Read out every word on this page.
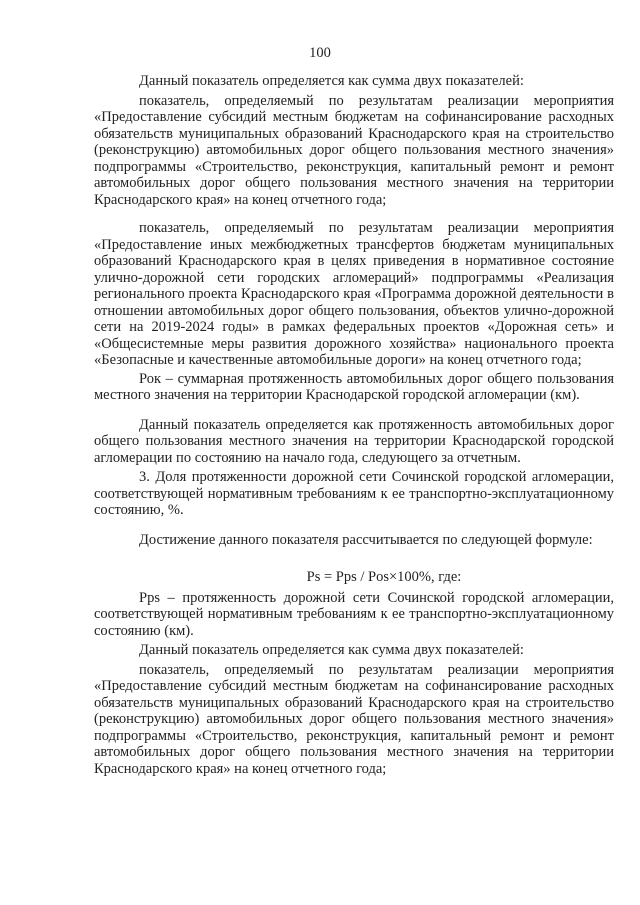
100

Данный показатель определяется как сумма двух показателей:

показатель, определяемый по результатам реализации мероприятия «Предоставление субсидий местным бюджетам на софинансирование расходных обязательств муниципальных образований Краснодарского края на строительство (реконструкцию) автомобильных дорог общего пользования местного значения» подпрограммы «Строительство, реконструкция, капитальный ремонт и ремонт автомобильных дорог общего пользования местного значения на территории Краснодарского края» на конец отчетного года;

показатель, определяемый по результатам реализации мероприятия «Предоставление иных межбюджетных трансфертов бюджетам муниципальных образований Краснодарского края в целях приведения в нормативное состояние улично-дорожной сети городских агломераций» подпрограммы «Реализация регионального проекта Краснодарского края «Программа дорожной деятельности в отношении автомобильных дорог общего пользования, объектов улично-дорожной сети на 2019-2024 годы» в рамках федеральных проектов «Дорожная сеть» и «Общесистемные меры развития дорожного хозяйства» национального проекта «Безопасные и качественные автомобильные дороги» на конец отчетного года;

Рок – суммарная протяженность автомобильных дорог общего пользования местного значения на территории Краснодарской городской агломерации (км).

Данный показатель определяется как протяженность автомобильных дорог общего пользования местного значения на территории Краснодарской городской агломерации по состоянию на начало года, следующего за отчетным.

3. Доля протяженности дорожной сети Сочинской городской агломерации, соответствующей нормативным требованиям к ее транспортно-эксплуатационному состоянию, %.

Достижение данного показателя рассчитывается по следующей формуле:

Ps = Pps / Pos×100%, где:

Pps – протяженность дорожной сети Сочинской городской агломерации, соответствующей нормативным требованиям к ее транспортно-эксплуатационному состоянию (км).

Данный показатель определяется как сумма двух показателей:

показатель, определяемый по результатам реализации мероприятия «Предоставление субсидий местным бюджетам на софинансирование расходных обязательств муниципальных образований Краснодарского края на строительство (реконструкцию) автомобильных дорог общего пользования местного значения» подпрограммы «Строительство, реконструкция, капитальный ремонт и ремонт автомобильных дорог общего пользования местного значения на территории Краснодарского края» на конец отчетного года;
